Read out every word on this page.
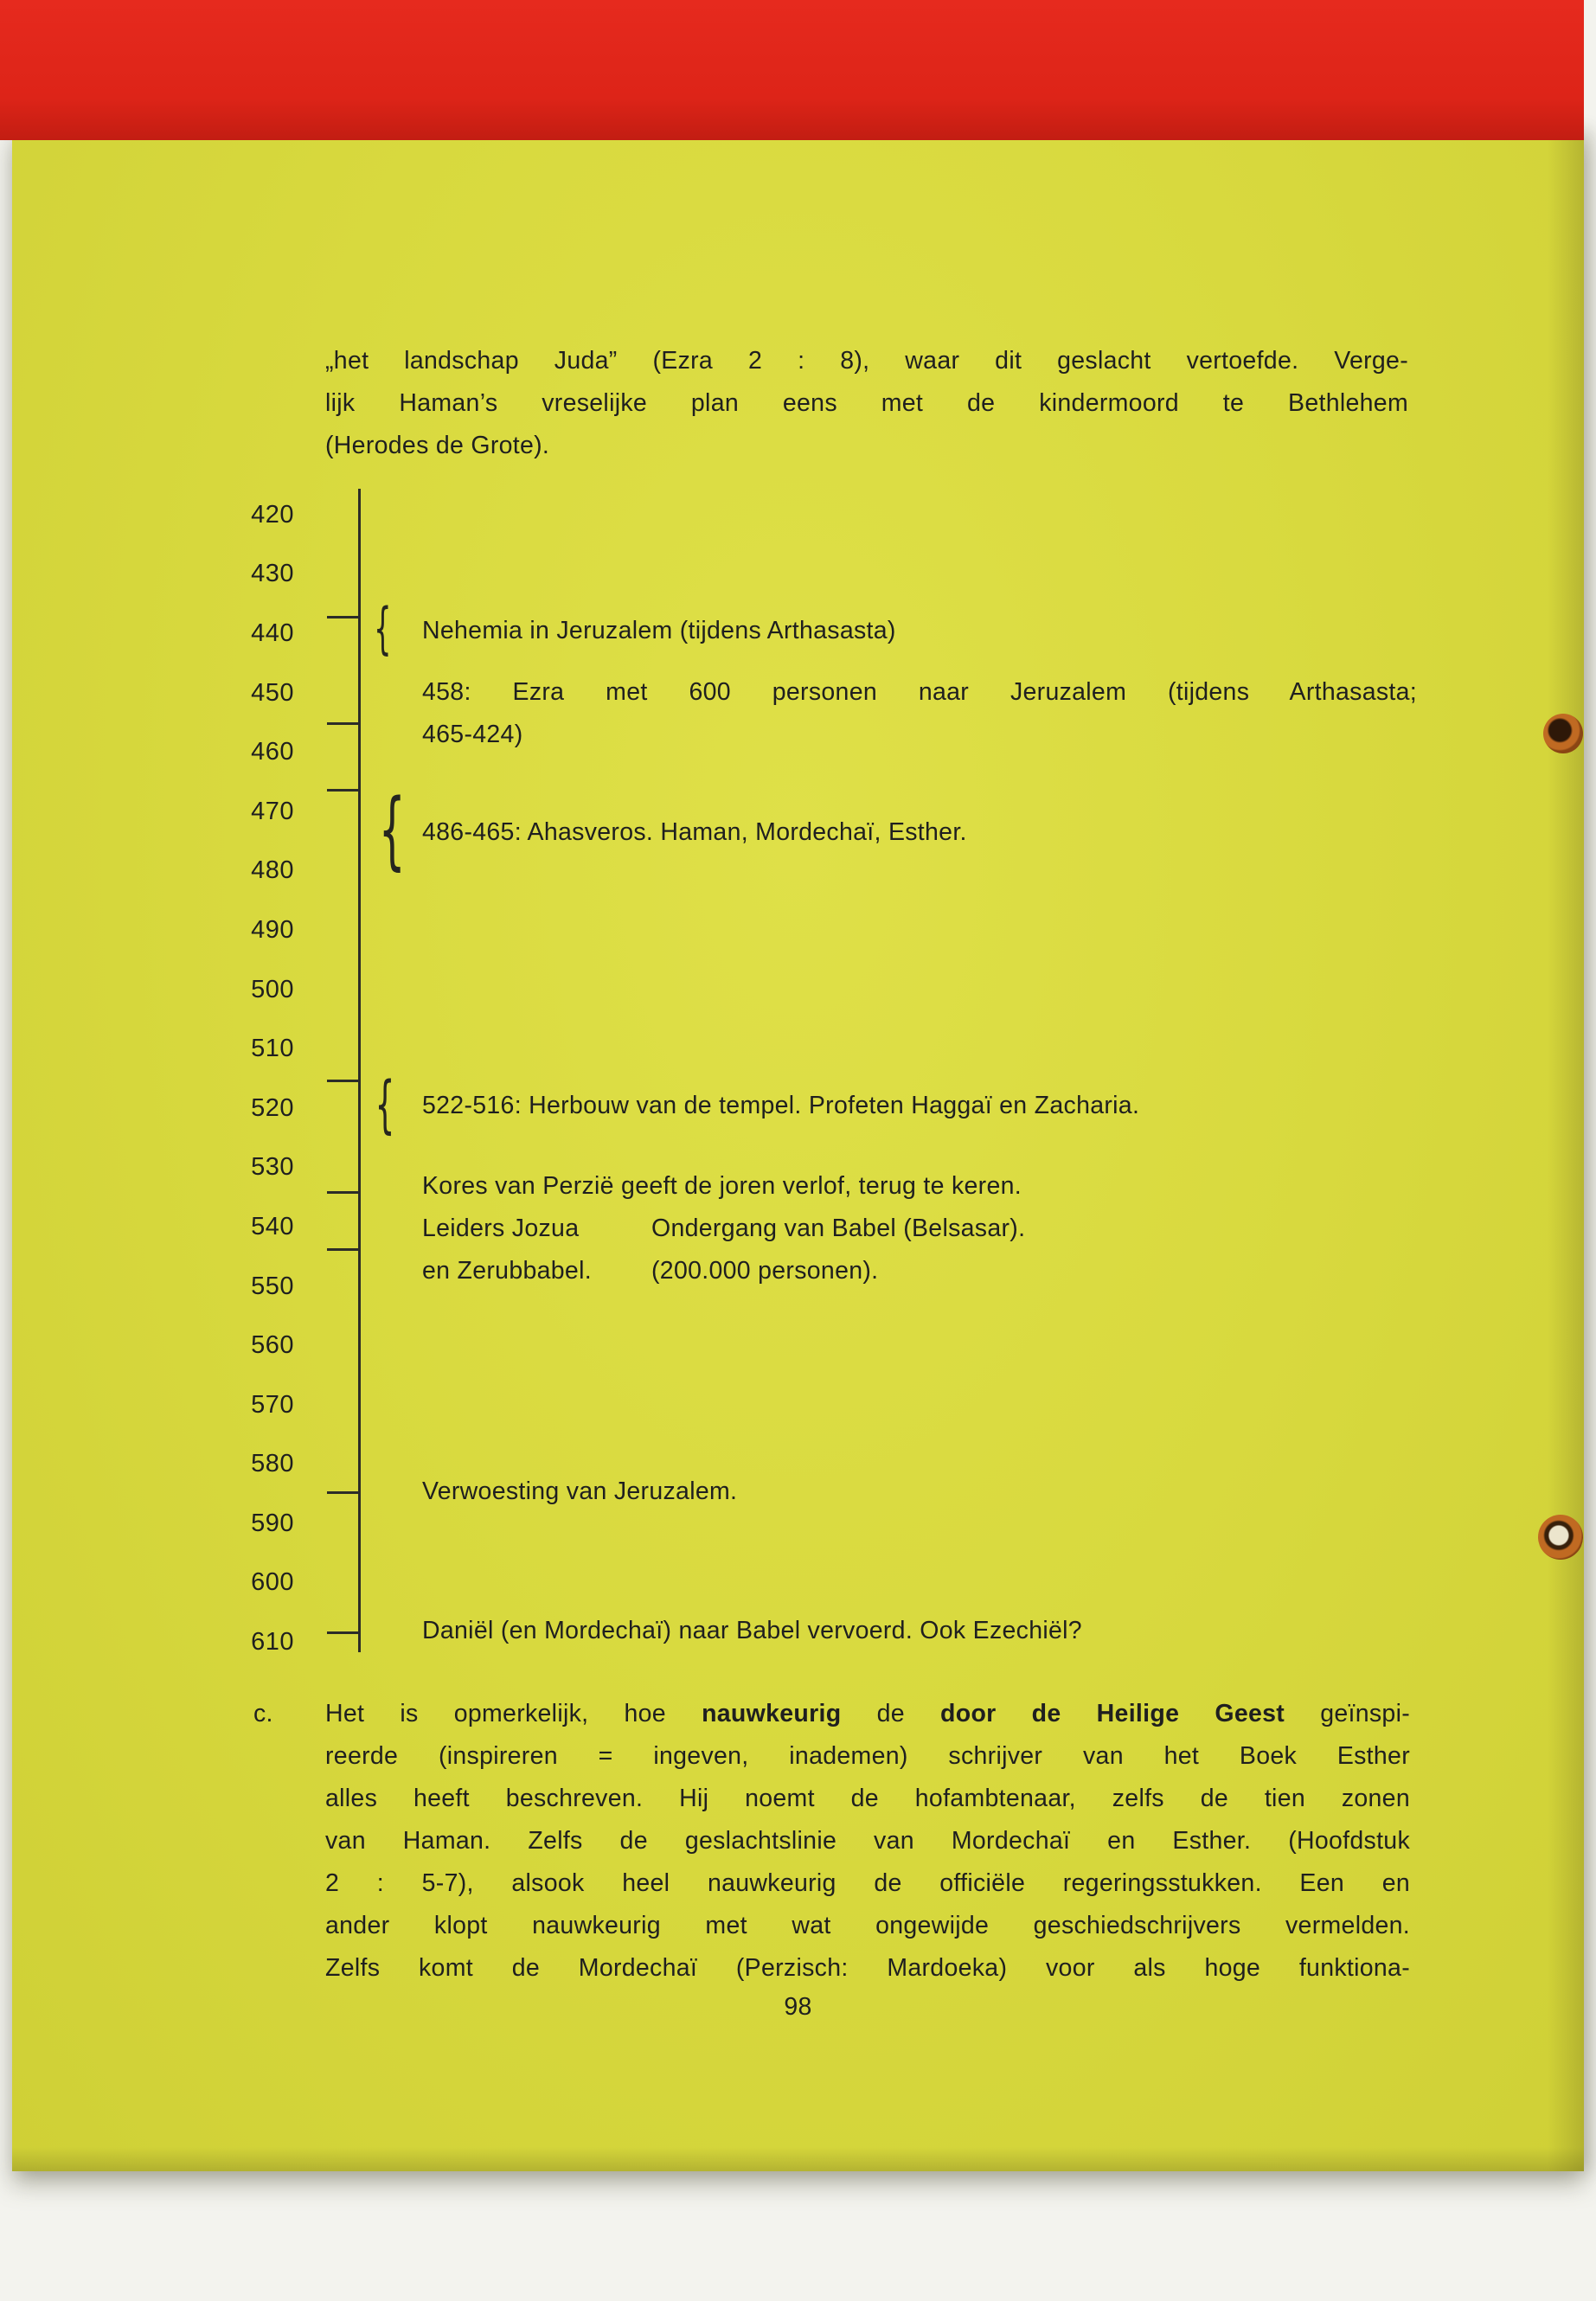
„het landschap Juda” (Ezra 2 : 8), waar dit geslacht vertoefde. Verge-
lijk Haman’s vreselijke plan eens met de kindermoord te Bethlehem
(Herodes de Grote).
420
430
440
450
460
470
480
490
500
510
520
530
540
550
560
570
580
590
600
610
{
{
{
Nehemia in Jeruzalem (tijdens Arthasasta)
458: Ezra met 600 personen naar Jeruzalem (tijdens Arthasasta;
465-424)
486-465: Ahasveros. Haman, Mordechaï, Esther.
522-516: Herbouw van de tempel. Profeten Haggaï en Zacharia.
Kores van Perzië geeft de joren verlof, terug te keren.
Leiders Jozua	Ondergang van Babel (Belsasar).
en Zerubbabel.	(200.000 personen).
Verwoesting van Jeruzalem.
Daniël (en Mordechaï) naar Babel vervoerd. Ook Ezechiël?
c.	Het is opmerkelijk, hoe nauwkeurig de door de Heilige Geest geïnspi-
reerde (inspireren = ingeven, inademen) schrijver van het Boek Esther
alles heeft beschreven. Hij noemt de hofambtenaar, zelfs de tien zonen
van Haman. Zelfs de geslachtslinie van Mordechaï en Esther. (Hoofdstuk
2 : 5-7), alsook heel nauwkeurig de officiële regeringsstukken. Een en
ander klopt nauwkeurig met wat ongewijde geschiedschrijvers vermelden.
Zelfs komt de Mordechaï (Perzisch: Mardoeka) voor als hoge funktiona-
98
